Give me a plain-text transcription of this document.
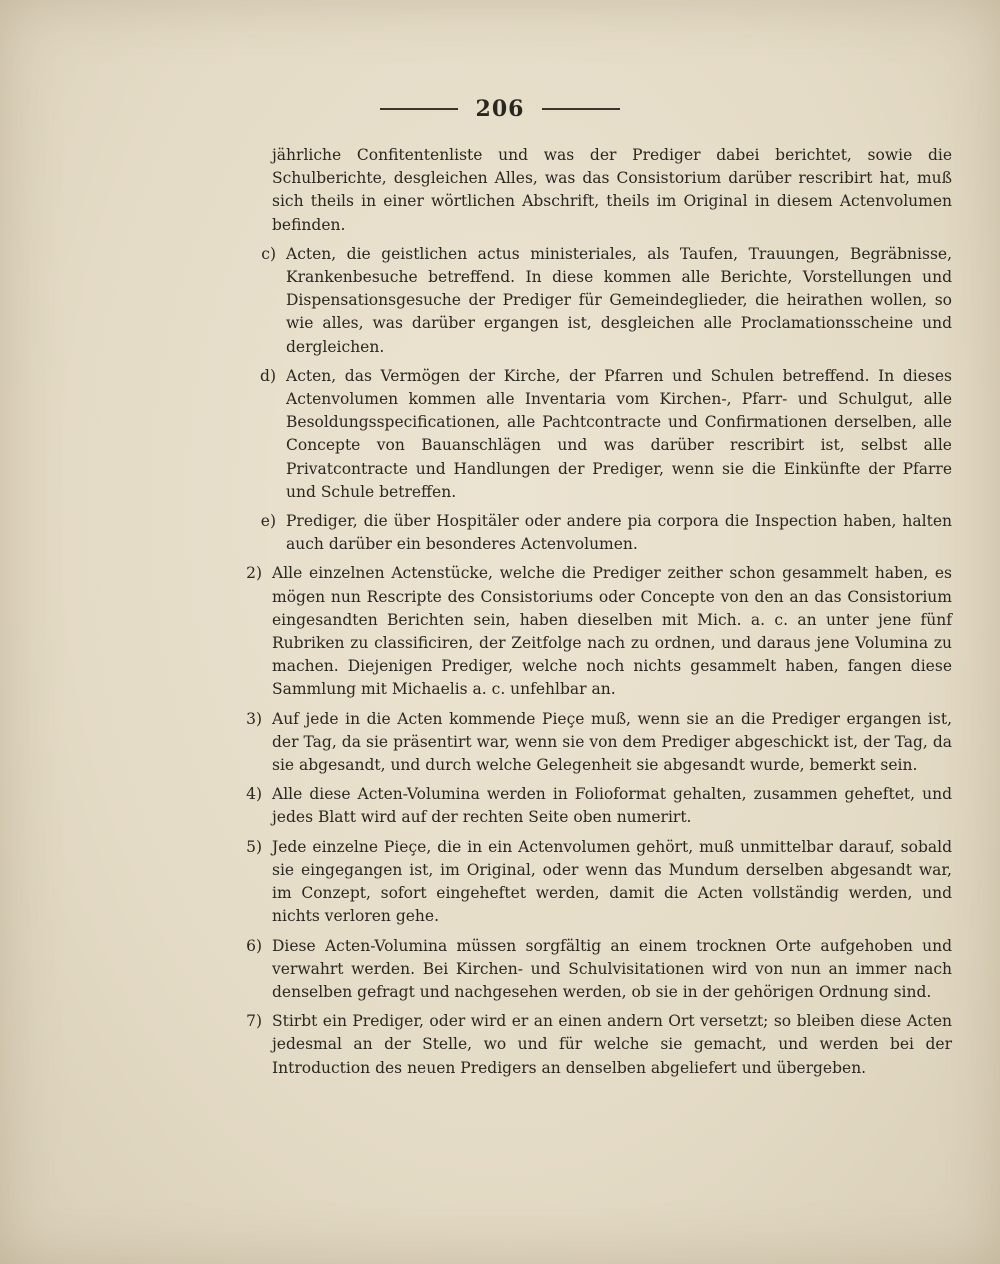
206

jährliche Confitentenliste und was der Prediger dabei berichtet, sowie die Schulberichte, desgleichen Alles, was das Consistorium darüber rescribirt hat, muß sich theils in einer wörtlichen Abschrift, theils im Original in diesem Actenvolumen befinden.

c) Acten, die geistlichen actus ministeriales, als Taufen, Trauungen, Begräbnisse, Krankenbesuche betreffend. In diese kommen alle Berichte, Vorstellungen und Dispensationsgesuche der Prediger für Gemeindeglieder, die heirathen wollen, so wie alles, was darüber ergangen ist, desgleichen alle Proclamationsscheine und dergleichen.
d) Acten, das Vermögen der Kirche, der Pfarren und Schulen betreffend. In dieses Actenvolumen kommen alle Inventaria vom Kirchen-, Pfarr- und Schulgut, alle Besoldungsspecificationen, alle Pachtcontracte und Confirmationen derselben, alle Concepte von Bauanschlägen und was darüber rescribirt ist, selbst alle Privatcontracte und Handlungen der Prediger, wenn sie die Einkünfte der Pfarre und Schule betreffen.
e) Prediger, die über Hospitäler oder andere pia corpora die Inspection haben, halten auch darüber ein besonderes Actenvolumen.
2) Alle einzelnen Actenstücke, welche die Prediger zeither schon gesammelt haben, es mögen nun Rescripte des Consistoriums oder Concepte von den an das Consistorium eingesandten Berichten sein, haben dieselben mit Mich. a. c. an unter jene fünf Rubriken zu classificiren, der Zeitfolge nach zu ordnen, und daraus jene Volumina zu machen. Diejenigen Prediger, welche noch nichts gesammelt haben, fangen diese Sammlung mit Michaelis a. c. unfehlbar an.
3) Auf jede in die Acten kommende Pieçe muß, wenn sie an die Prediger ergangen ist, der Tag, da sie präsentirt war, wenn sie von dem Prediger abgeschickt ist, der Tag, da sie abgesandt, und durch welche Gelegenheit sie abgesandt wurde, bemerkt sein.
4) Alle diese Acten-Volumina werden in Folioformat gehalten, zusammen geheftet, und jedes Blatt wird auf der rechten Seite oben numerirt.
5) Jede einzelne Pieçe, die in ein Actenvolumen gehört, muß unmittelbar darauf, sobald sie eingegangen ist, im Original, oder wenn das Mundum derselben abgesandt war, im Conzept, sofort eingeheftet werden, damit die Acten vollständig werden, und nichts verloren gehe.
6) Diese Acten-Volumina müssen sorgfältig an einem trocknen Orte aufgehoben und verwahrt werden. Bei Kirchen- und Schulvisitationen wird von nun an immer nach denselben gefragt und nachgesehen werden, ob sie in der gehörigen Ordnung sind.
7) Stirbt ein Prediger, oder wird er an einen andern Ort versetzt; so bleiben diese Acten jedesmal an der Stelle, wo und für welche sie gemacht, und werden bei der Introduction des neuen Predigers an denselben abgeliefert und übergeben.
